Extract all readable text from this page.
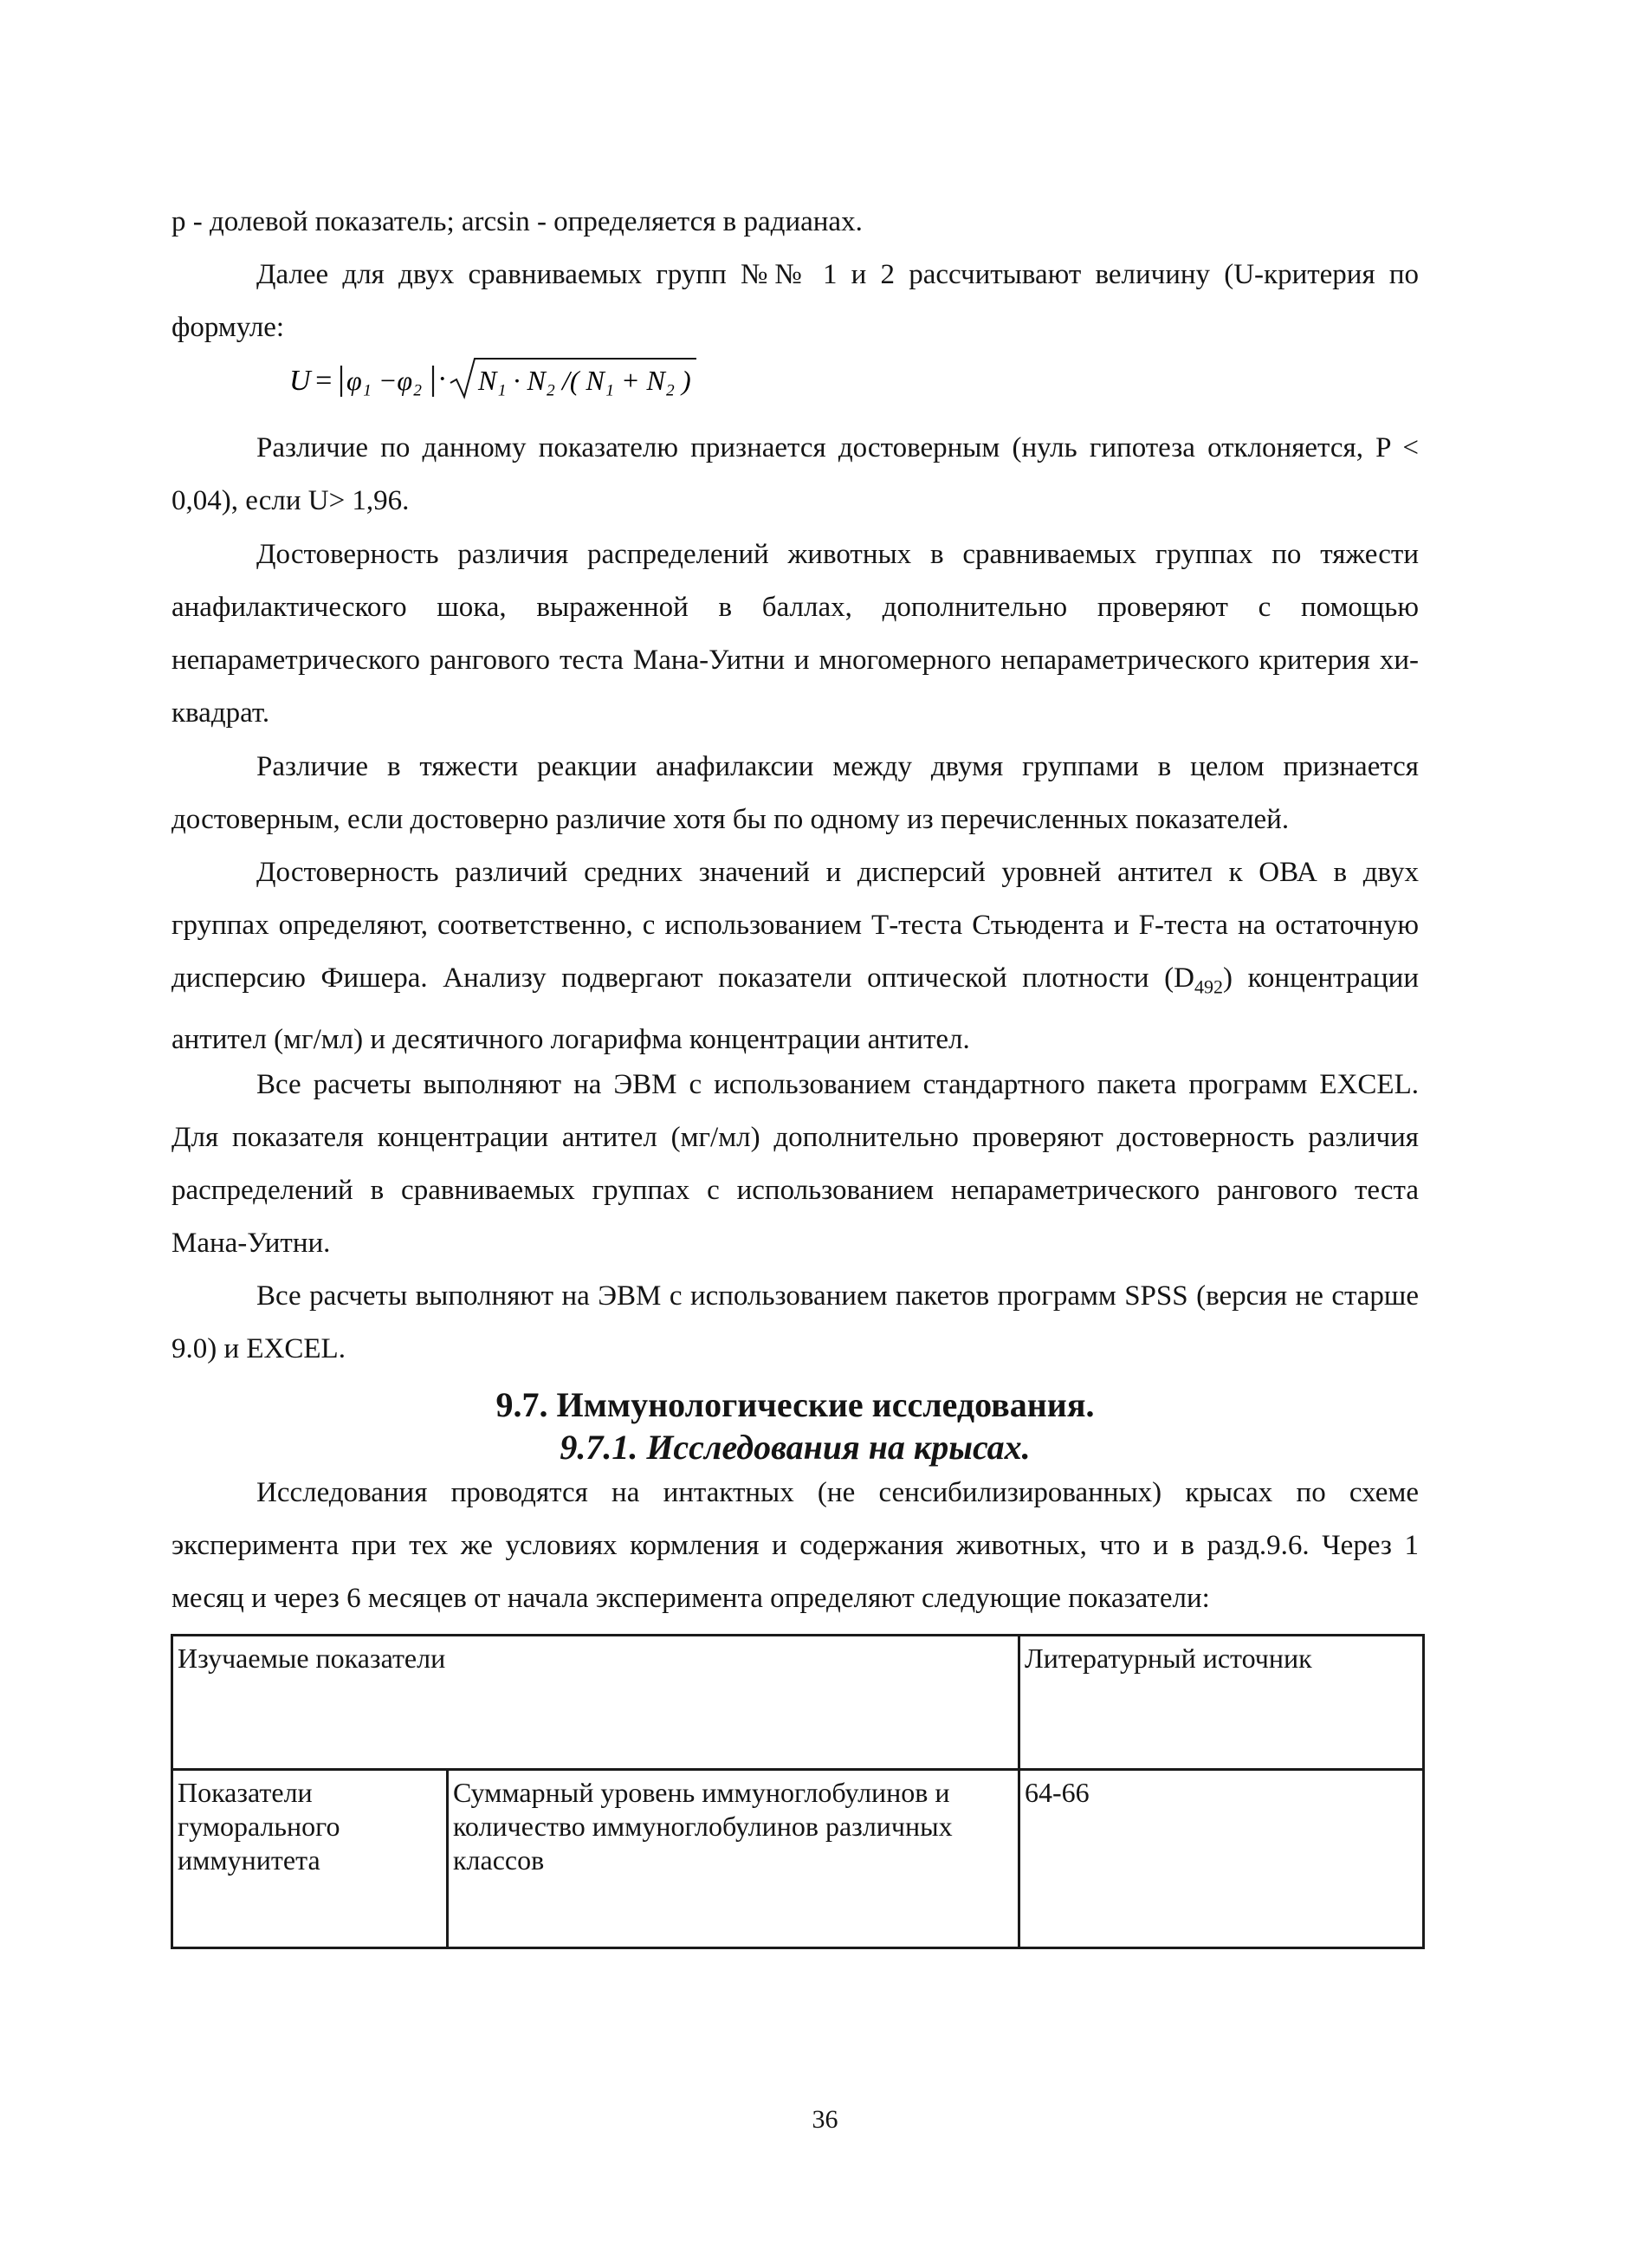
p - долевой показатель; arcsin - определяется в радианах.

Далее для двух сравниваемых групп №№ 1 и 2 рассчитывают величину (U-критерия по формуле:

U = φ₁ −φ₂ · N₁ · N₂ /( N₁ + N₂ )

Различие по данному показателю признается достоверным (нуль гипотеза отклоняется, P < 0,04), если U> 1,96.

Достоверность различия распределений животных в сравниваемых группах по тяжести анафилактического шока, выраженной в баллах, дополнительно проверяют с помощью непараметрического рангового теста Мана-Уитни и многомерного непараметрического критерия хи-квадрат.

Различие в тяжести реакции анафилаксии между двумя группами в целом признается достоверным, если достоверно различие хотя бы по одному из перечисленных показателей.

Достоверность различий средних значений и дисперсий уровней антител к ОВА в двух группах определяют, соответственно, с использованием Т-теста Стьюдента и F-теста на остаточную дисперсию Фишера. Анализу подвергают показатели оптической плотности $(D_{492})$ концентрации антител (мг/мл) и десятичного логарифма концентрации антител.

Все расчеты выполняют на ЭВМ с использованием стандартного пакета программ EXCEL. Для показателя концентрации антител (мг/мл) дополнительно проверяют достоверность различия распределений в сравниваемых группах с использованием непараметрического рангового теста Мана-Уитни.

Все расчеты выполняют на ЭВМ с использованием пакетов программ SPSS (версия не старше 9.0) и EXCEL.

9.7. Иммунологические исследования.
9.7.1. Исследования на крысах.

Исследования проводятся на интактных (не сенсибилизированных) крысах по схеме эксперимента при тех же условиях кормления и содержания животных, что и в разд.9.6. Через 1 месяц и через 6 месяцев от начала эксперимента определяют следующие показатели:

Изучаемые показатели		Литературный источник
Показатели гуморального иммунитета	Суммарный уровень иммуноглобулинов и количество иммуноглобулинов различных классов	64-66
36
